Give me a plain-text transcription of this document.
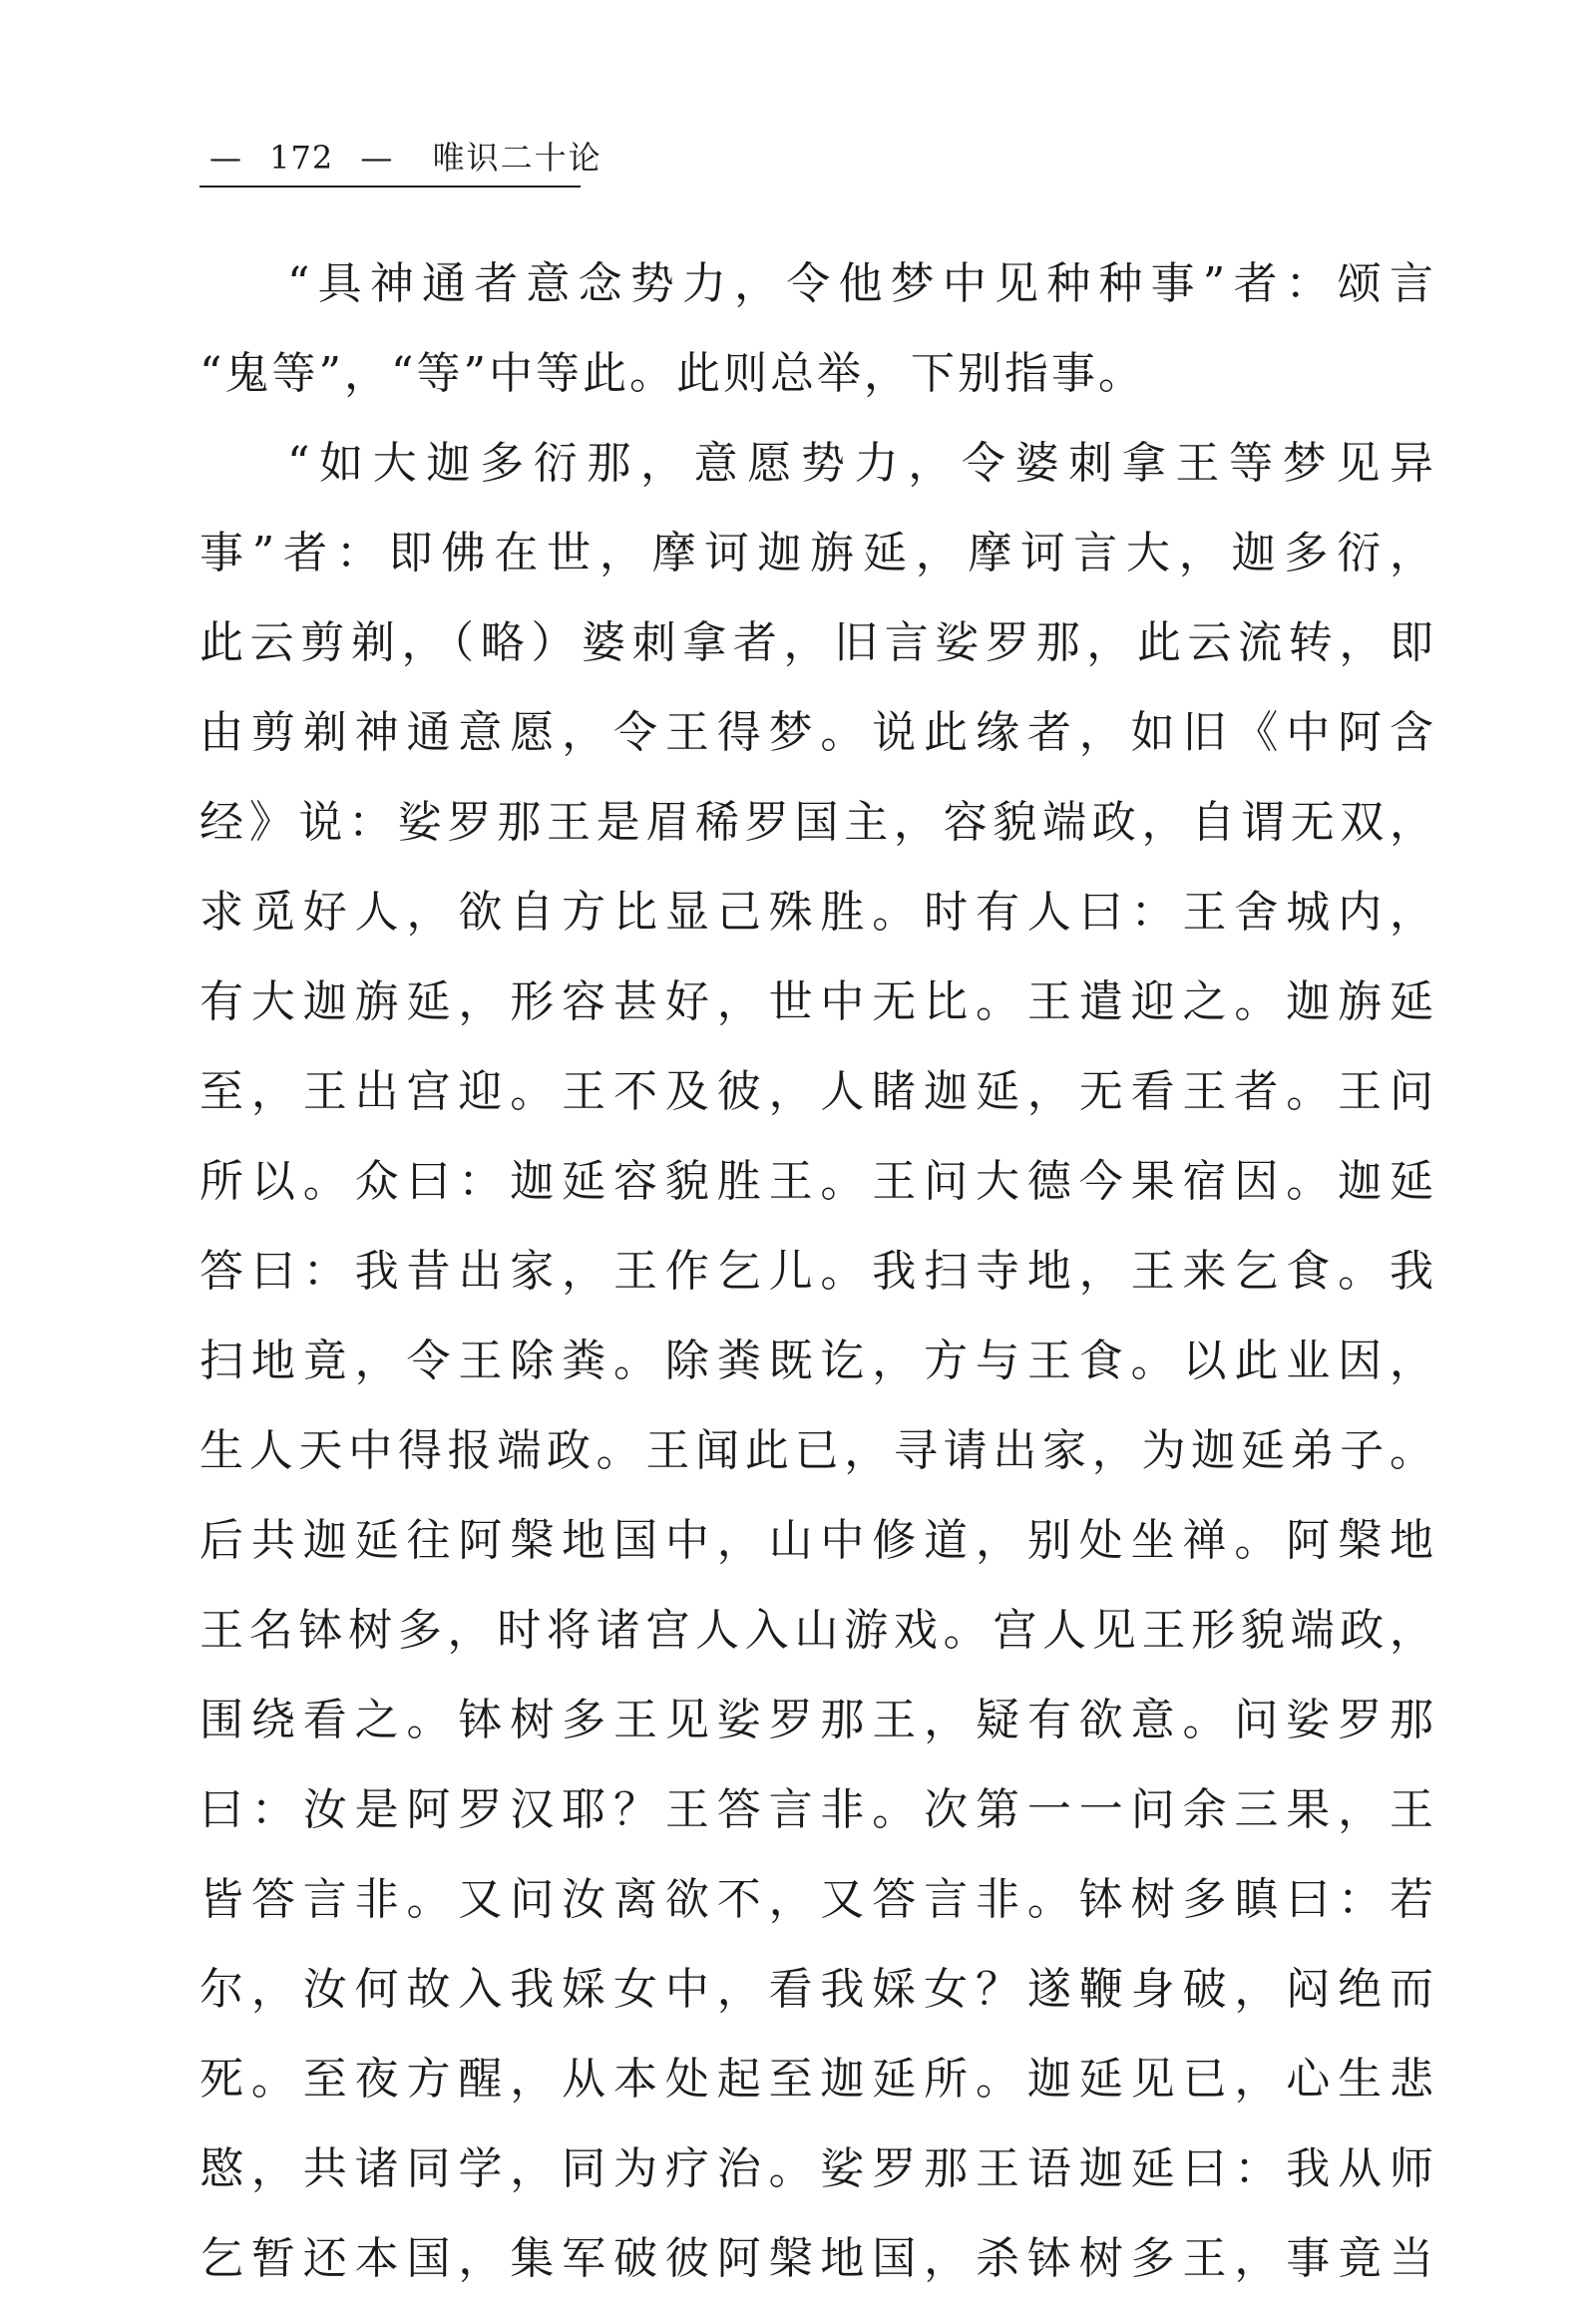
— 172 — 唯识二十论
“具神通者意念势力，令他梦中见种种事”者：颂言
“鬼等”，“等”中等此。此则总举，下别指事。
“如大迦多衍那，意愿势力，令婆刺拿王等梦见异
事”者：即佛在世，摩诃迦旃延，摩诃言大，迦多衍，
此云剪剃，（略）婆刺拿者，旧言娑罗那，此云流转，即
由剪剃神通意愿，令王得梦。说此缘者，如旧《中阿含
经》说：娑罗那王是眉稀罗国主，容貌端政，自谓无双，
求觅好人，欲自方比显己殊胜。时有人曰：王舍城内，
有大迦旃延，形容甚好，世中无比。王遣迎之。迦旃延
至，王出宫迎。王不及彼，人睹迦延，无看王者。王问
所以。众曰：迦延容貌胜王。王问大德今果宿因。迦延
答曰：我昔出家，王作乞儿。我扫寺地，王来乞食。我
扫地竟，令王除粪。除粪既讫，方与王食。以此业因，
生人天中得报端政。王闻此已，寻请出家，为迦延弟子。
后共迦延往阿槃地国中，山中修道，别处坐禅。阿槃地
王名钵树多，时将诸宫人入山游戏。宫人见王形貌端政，
围绕看之。钵树多王见娑罗那王，疑有欲意。问娑罗那
曰：汝是阿罗汉耶？王答言非。次第一一问余三果，王
皆答言非。又问汝离欲不，又答言非。钵树多瞋曰：若
尔，汝何故入我婇女中，看我婇女？遂鞭身破，闷绝而
死。至夜方醒，从本处起至迦延所。迦延见已，心生悲
愍，共诸同学，同为疗治。娑罗那王语迦延曰：我从师
乞暂还本国，集军破彼阿槃地国，杀钵树多王，事竟当
